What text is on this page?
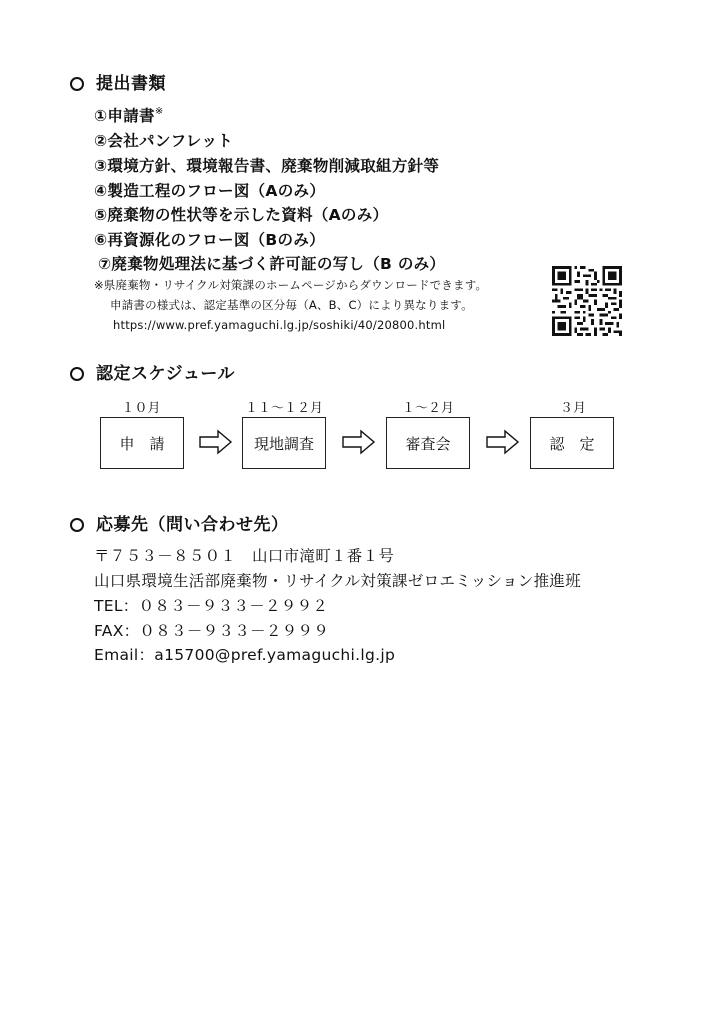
提出書類
①申請書※
②会社パンフレット
③環境方針、環境報告書、廃棄物削減取組方針等
④製造工程のフロー図（Aのみ）
⑤廃棄物の性状等を示した資料（Aのみ）
⑥再資源化のフロー図（Bのみ）
⑦廃棄物処理法に基づく許可証の写し（B のみ）
※県廃棄物・リサイクル対策課のホームページからダウンロードできます。
申請書の様式は、認定基準の区分毎（A、B、C）により異なります。
https://www.pref.yamaguchi.lg.jp/soshiki/40/20800.html
認定スケジュール
１０月	１１～１２月	１～２月	３月
申　請	現地調査	審査会	認　定
応募先（問い合わせ先）
〒７５３－８５０１　山口市滝町１番１号
山口県環境生活部廃棄物・リサイクル対策課ゼロエミッション推進班
TEL：０８３－９３３－２９９２
FAX：０８３－９３３－２９９９
Email：a15700@pref.yamaguchi.lg.jp
